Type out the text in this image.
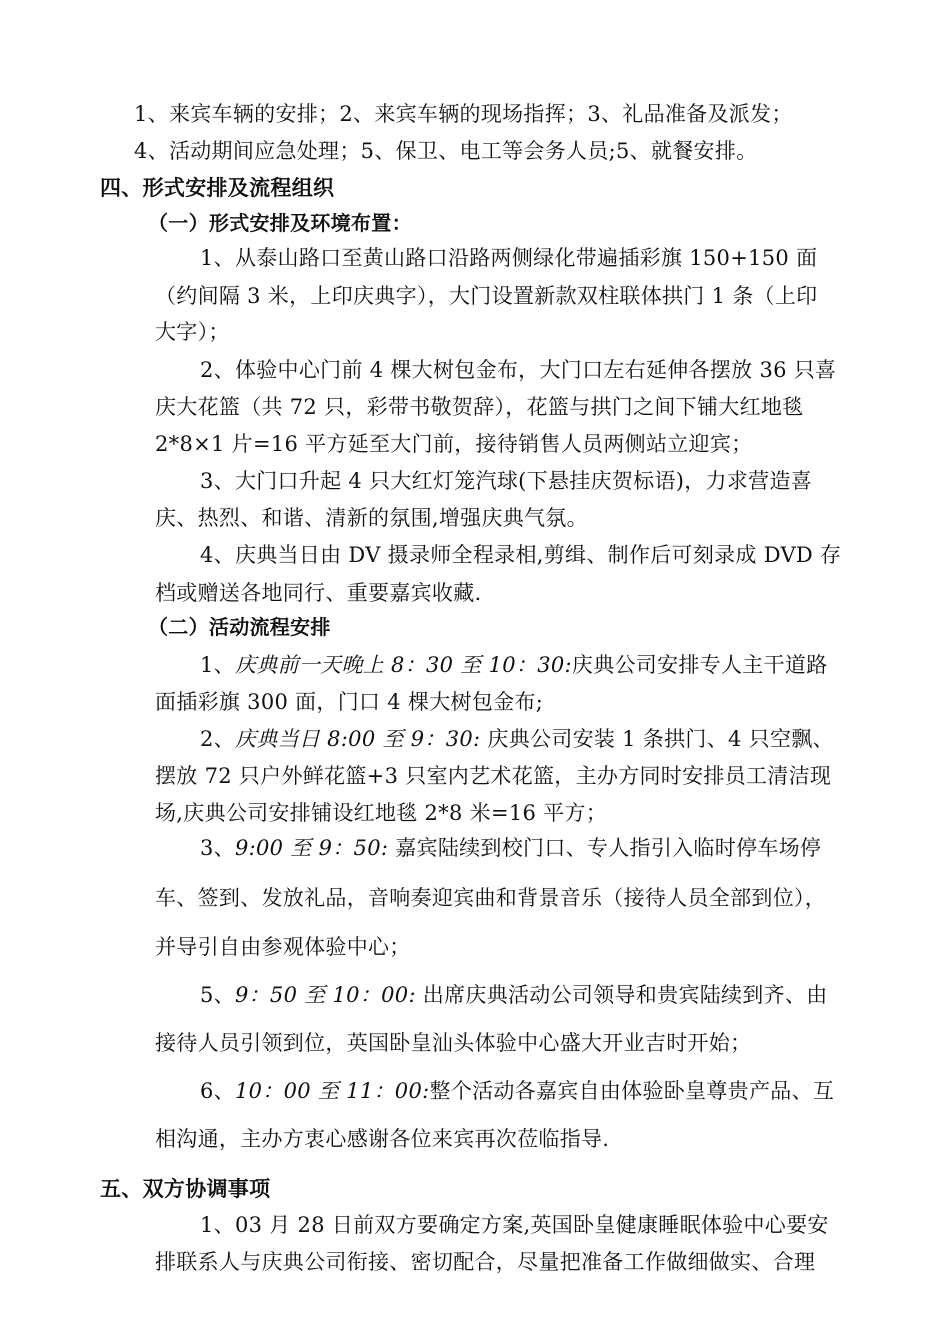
1、来宾车辆的安排；2、来宾车辆的现场指挥；3、礼品准备及派发；
4、活动期间应急处理；5、保卫、电工等会务人员;5、就餐安排。
四、形式安排及流程组织
（一）形式安排及环境布置：
1、从泰山路口至黄山路口沿路两侧绿化带遍插彩旗 150+150 面
（约间隔 3 米，上印庆典字），大门设置新款双柱联体拱门 1 条（上印
大字）；
2、体验中心门前 4 棵大树包金布，大门口左右延伸各摆放 36 只喜
庆大花篮（共 72 只，彩带书敬贺辞），花篮与拱门之间下铺大红地毯
2*8×1 片=16 平方延至大门前，接待销售人员两侧站立迎宾；
3、大门口升起 4 只大红灯笼汽球(下悬挂庆贺标语)，力求营造喜
庆、热烈、和谐、清新的氛围,增强庆典气氛。
4、庆典当日由 DV 摄录师全程录相,剪缉、制作后可刻录成 DVD 存
档或赠送各地同行、重要嘉宾收藏.
（二）活动流程安排
1、庆典前一天晚上 8：30 至 10：30:庆典公司安排专人主干道路
面插彩旗 300 面，门口 4 棵大树包金布;
2、庆典当日 8:00 至 9：30: 庆典公司安装 1 条拱门、4 只空飘、
摆放 72 只户外鲜花篮+3 只室内艺术花篮，主办方同时安排员工清洁现
场,庆典公司安排铺设红地毯 2*8 米=16 平方；
3、9:00 至 9：50: 嘉宾陆续到校门口、专人指引入临时停车场停
车、签到、发放礼品，音响奏迎宾曲和背景音乐（接待人员全部到位），
并导引自由参观体验中心；
5、9：50 至 10：00: 出席庆典活动公司领导和贵宾陆续到齐、由
接待人员引领到位，英国卧皇汕头体验中心盛大开业吉时开始；
6、10：00 至 11：00:整个活动各嘉宾自由体验卧皇尊贵产品、互
相沟通，主办方衷心感谢各位来宾再次莅临指导.
五、双方协调事项
1、03 月 28 日前双方要确定方案,英国卧皇健康睡眠体验中心要安
排联系人与庆典公司衔接、密切配合，尽量把准备工作做细做实、合理
